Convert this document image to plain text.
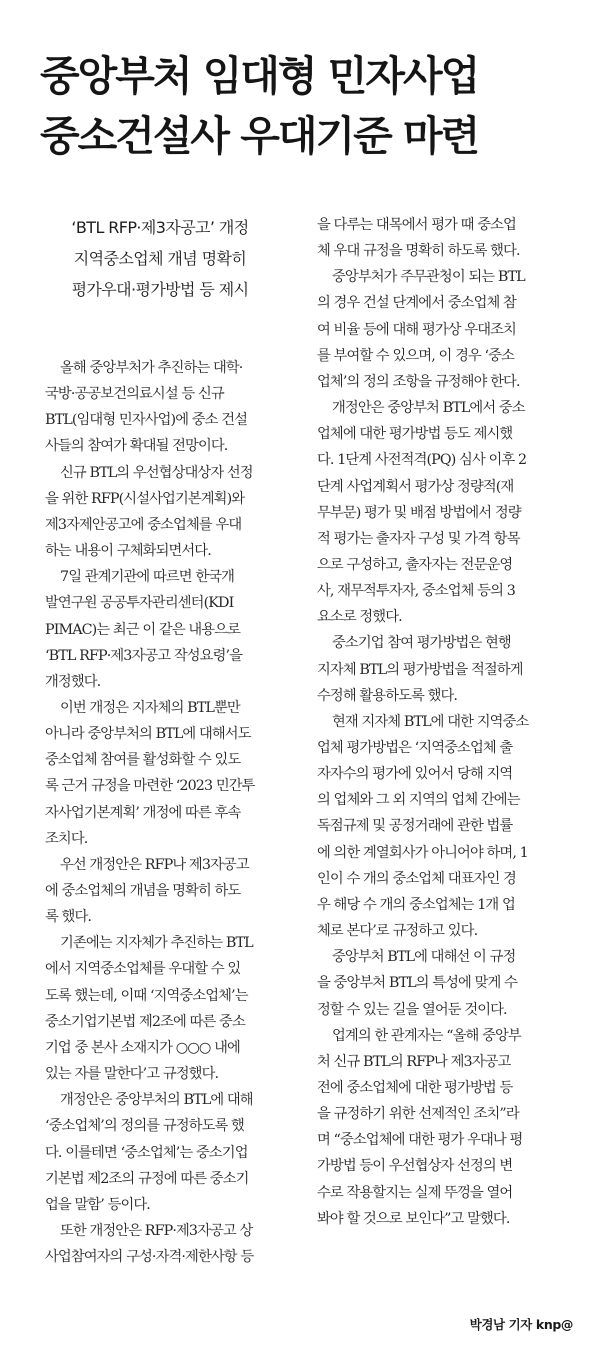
중앙부처 임대형 민자사업
중소건설사 우대기준 마련
‘BTL RFP·제3자공고’ 개정
지역중소업체 개념 명확히
평가우대·평가방법 등 제시
올해 중앙부처가 추진하는 대학·
국방·공공보건의료시설 등 신규
BTL(임대형 민자사업)에 중소 건설
사들의 참여가 확대될 전망이다.
신규 BTL의 우선협상대상자 선정
을 위한 RFP(시설사업기본계획)와
제3자제안공고에 중소업체를 우대
하는 내용이 구체화되면서다.
7일 관계기관에 따르면 한국개
발연구원 공공투자관리센터(KDI
PIMAC)는 최근 이 같은 내용으로
‘BTL RFP·제3자공고 작성요령’을
개정했다.
이번 개정은 지자체의 BTL뿐만
아니라 중앙부처의 BTL에 대해서도
중소업체 참여를 활성화할 수 있도
록 근거 규정을 마련한 ‘2023 민간투
자사업기본계획’ 개정에 따른 후속
조치다.
우선 개정안은 RFP나 제3자공고
에 중소업체의 개념을 명확히 하도
록 했다.
기존에는 지자체가 추진하는 BTL
에서 지역중소업체를 우대할 수 있
도록 했는데, 이때 ‘지역중소업체’는
중소기업기본법 제2조에 따른 중소
기업 중 본사 소재지가 ○○○ 내에
있는 자를 말한다’고 규정했다.
개정안은 중앙부처의 BTL에 대해
‘중소업체’의 정의를 규정하도록 했
다. 이를테면 ‘중소업체’는 중소기업
기본법 제2조의 규정에 따른 중소기
업을 말함’ 등이다.
또한 개정안은 RFP·제3자공고 상
사업참여자의 구성·자격·제한사항 등
을 다루는 대목에서 평가 때 중소업
체 우대 규정을 명확히 하도록 했다.
중앙부처가 주무관청이 되는 BTL
의 경우 건설 단계에서 중소업체 참
여 비율 등에 대해 평가상 우대조치
를 부여할 수 있으며, 이 경우 ‘중소
업체’의 정의 조항을 규정해야 한다.
개정안은 중앙부처 BTL에서 중소
업체에 대한 평가방법 등도 제시했
다. 1단계 사전적격(PQ) 심사 이후 2
단계 사업계획서 평가상 정량적(재
무부문) 평가 및 배점 방법에서 정량
적 평가는 출자자 구성 및 가격 항목
으로 구성하고, 출자자는 전문운영
사, 재무적투자자, 중소업체 등의 3
요소로 정했다.
중소기업 참여 평가방법은 현행
지자체 BTL의 평가방법을 적절하게
수정해 활용하도록 했다.
현재 지자체 BTL에 대한 지역중소
업체 평가방법은 ‘지역중소업체 출
자자수의 평가에 있어서 당해 지역
의 업체와 그 외 지역의 업체 간에는
독점규제 및 공정거래에 관한 법률
에 의한 계열회사가 아니어야 하며, 1
인이 수 개의 중소업체 대표자인 경
우 해당 수 개의 중소업체는 1개 업
체로 본다’로 규정하고 있다.
중앙부처 BTL에 대해선 이 규정
을 중앙부처 BTL의 특성에 맞게 수
정할 수 있는 길을 열어둔 것이다.
업계의 한 관계자는 “올해 중앙부
처 신규 BTL의 RFP나 제3자공고
전에 중소업체에 대한 평가방법 등
을 규정하기 위한 선제적인 조치”라
며 “중소업체에 대한 평가 우대나 평
가방법 등이 우선협상자 선정의 변
수로 작용할지는 실제 뚜껑을 열어
봐야 할 것으로 보인다”고 말했다.
박경남 기자 knp@
